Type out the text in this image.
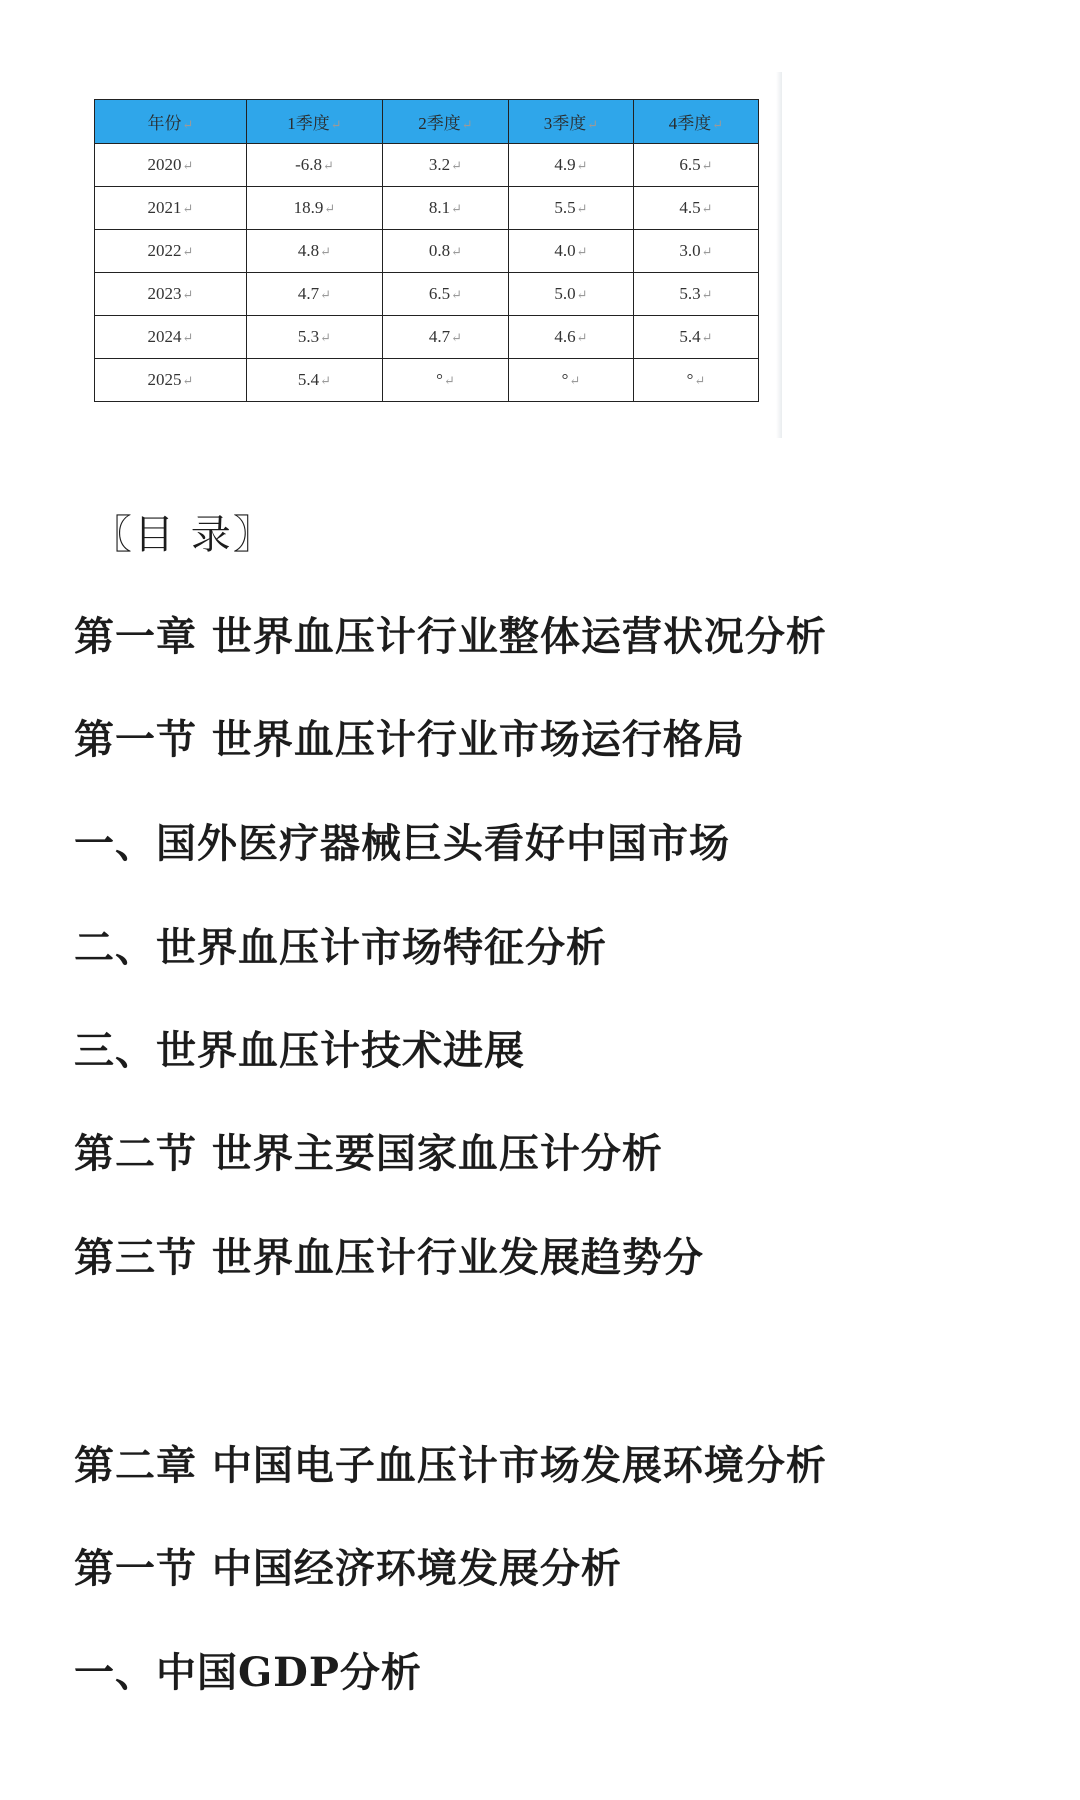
年份↵	1季度↵	2季度↵	3季度↵	4季度↵
2020↵	-6.8↵	3.2↵	4.9↵	6.5↵
2021↵	18.9↵	8.1↵	5.5↵	4.5↵
2022↵	4.8↵	0.8↵	4.0↵	3.0↵
2023↵	4.7↵	6.5↵	5.0↵	5.3↵
2024↵	5.3↵	4.7↵	4.6↵	5.4↵
2025↵	5.4↵	°↵	°↵	°↵
〖目 录〗
第一章 世界血压计行业整体运营状况分析
第一节 世界血压计行业市场运行格局
一、国外医疗器械巨头看好中国市场
二、世界血压计市场特征分析
三、世界血压计技术进展
第二节 世界主要国家血压计分析
第三节 世界血压计行业发展趋势分
第二章 中国电子血压计市场发展环境分析
第一节 中国经济环境发展分析
一、中国GDP分析
